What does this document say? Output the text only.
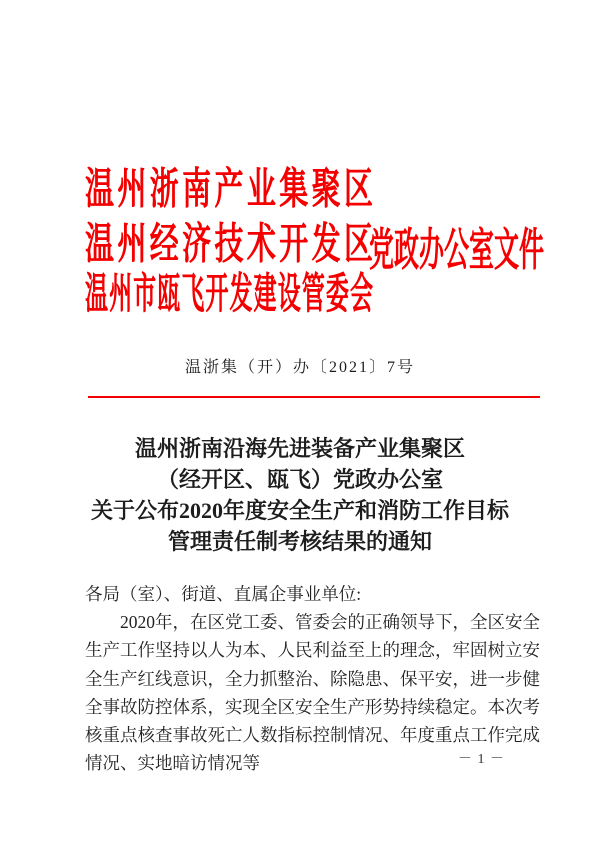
温州浙南产业集聚区
温州经济技术开发区
温州市瓯飞开发建设管委会
党政办公室文件
温浙集（开）办〔2021〕7号
温州浙南沿海先进装备产业集聚区
（经开区、瓯飞）党政办公室
关于公布2020年度安全生产和消防工作目标
管理责任制考核结果的通知
各局（室）、街道、直属企事业单位:

2020年，在区党工委、管委会的正确领导下，全区安全生产工作坚持以人为本、人民利益至上的理念，牢固树立安全生产红线意识，全力抓整治、除隐患、保平安，进一步健全事故防控体系，实现全区安全生产形势持续稳定。本次考核重点核查事故死亡人数指标控制情况、年度重点工作完成情况、实地暗访情况等	－ 1 －
